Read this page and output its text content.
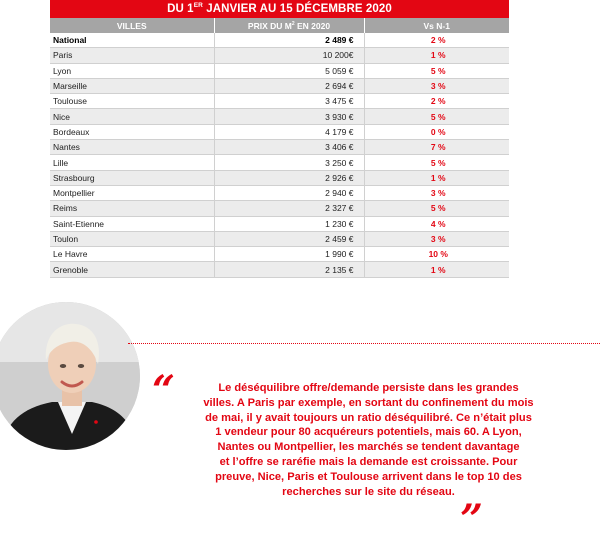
DU 1ER JANVIER AU 15 DÉCEMBRE 2020
VILLES	PRIX DU $M^2$ EN 2020	Vs N-1
National	2 489 €	2 %
Paris	10 200€	1 %
Lyon	5 059 €	5 %
Marseille	2 694 €	3 %
Toulouse	3 475 €	2 %
Nice	3 930 €	5 %
Bordeaux	4 179 €	0 %
Nantes	3 406 €	7 %
Lille	3 250 €	5 %
Strasbourg	2 926 €	1 %
Montpellier	2 940 €	3 %
Reims	2 327 €	5 %
Saint-Etienne	1 230 €	4 %
Toulon	2 459 €	3 %
Le Havre	1 990 €	10 %
Grenoble	2 135 €	1 %
“	Le déséquilibre offre/demande persiste dans les grandes
villes. A Paris par exemple, en sortant du confinement du mois
de mai, il y avait toujours un ratio déséquilibré. Ce n’était plus
1 vendeur pour 80 acquéreurs potentiels, mais 60. A Lyon,
Nantes ou Montpellier, les marchés se tendent davantage
et l’offre se raréfie mais la demande est croissante. Pour
preuve, Nice, Paris et Toulouse arrivent dans le top 10 des
recherches sur le site du réseau.
”
